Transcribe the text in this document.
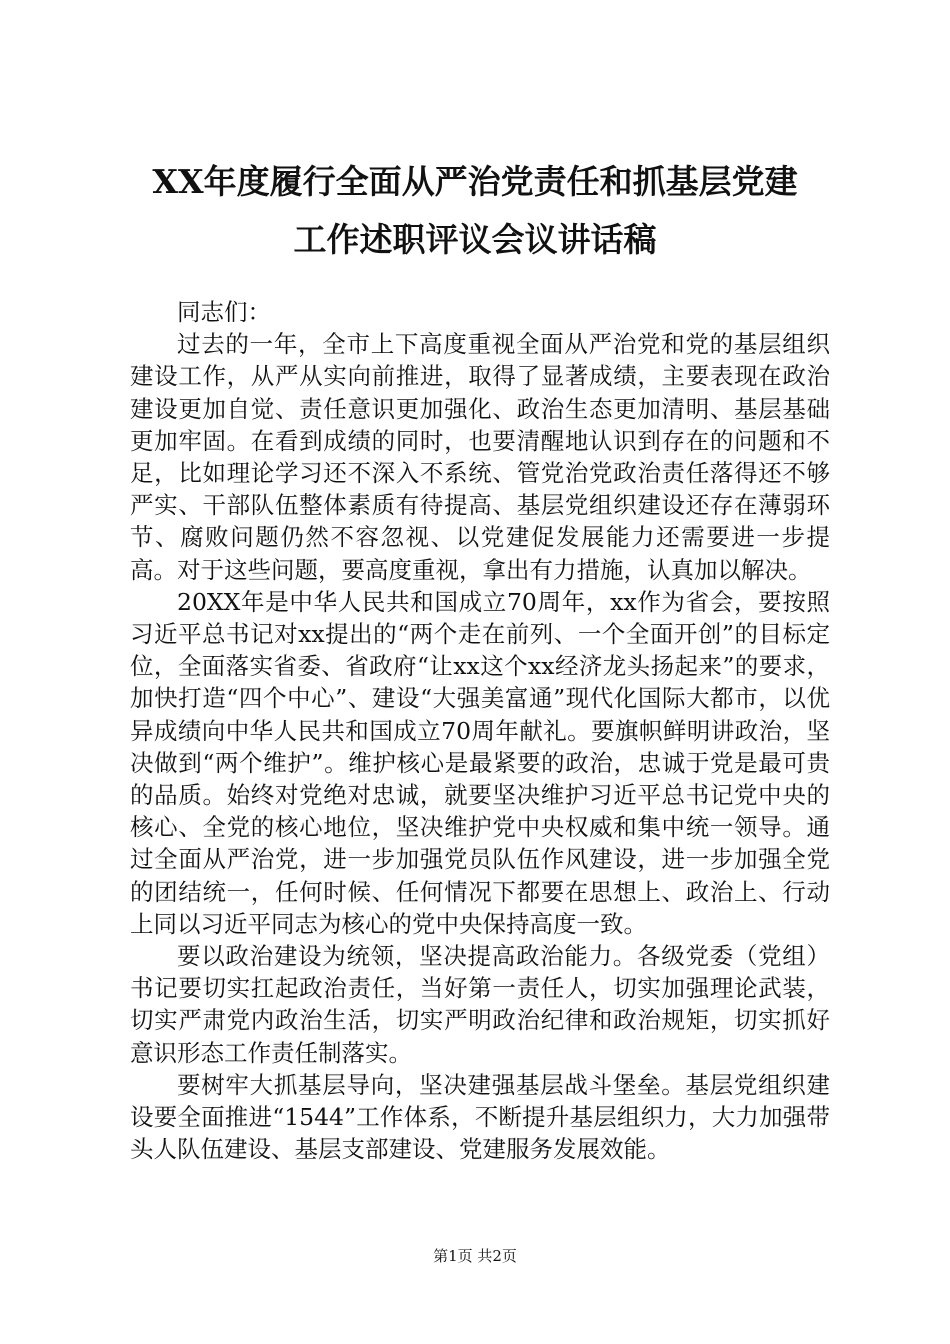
XX年度履行全面从严治党责任和抓基层党建
工作述职评议会议讲话稿

同志们：

过去的一年，全市上下高度重视全面从严治党和党的基层组织建设工作，从严从实向前推进，取得了显著成绩，主要表现在政治建设更加自觉、责任意识更加强化、政治生态更加清明、基层基础更加牢固。在看到成绩的同时，也要清醒地认识到存在的问题和不足，比如理论学习还不深入不系统、管党治党政治责任落得还不够严实、干部队伍整体素质有待提高、基层党组织建设还存在薄弱环节、腐败问题仍然不容忽视、以党建促发展能力还需要进一步提高。对于这些问题，要高度重视，拿出有力措施，认真加以解决。

20XX年是中华人民共和国成立70周年，xx作为省会，要按照习近平总书记对xx提出的“两个走在前列、一个全面开创”的目标定位，全面落实省委、省政府“让xx这个xx经济龙头扬起来”的要求，加快打造“四个中心”、建设“大强美富通”现代化国际大都市，以优异成绩向中华人民共和国成立70周年献礼。要旗帜鲜明讲政治，坚决做到“两个维护”。维护核心是最紧要的政治，忠诚于党是最可贵的品质。始终对党绝对忠诚，就要坚决维护习近平总书记党中央的核心、全党的核心地位，坚决维护党中央权威和集中统一领导。通过全面从严治党，进一步加强党员队伍作风建设，进一步加强全党的团结统一，任何时候、任何情况下都要在思想上、政治上、行动上同以习近平同志为核心的党中央保持高度一致。

要以政治建设为统领，坚决提高政治能力。各级党委（党组）书记要切实扛起政治责任，当好第一责任人，切实加强理论武装，切实严肃党内政治生活，切实严明政治纪律和政治规矩，切实抓好意识形态工作责任制落实。

要树牢大抓基层导向，坚决建强基层战斗堡垒。基层党组织建设要全面推进“1544”工作体系，不断提升基层组织力，大力加强带头人队伍建设、基层支部建设、党建服务发展效能。

第1页 共2页
